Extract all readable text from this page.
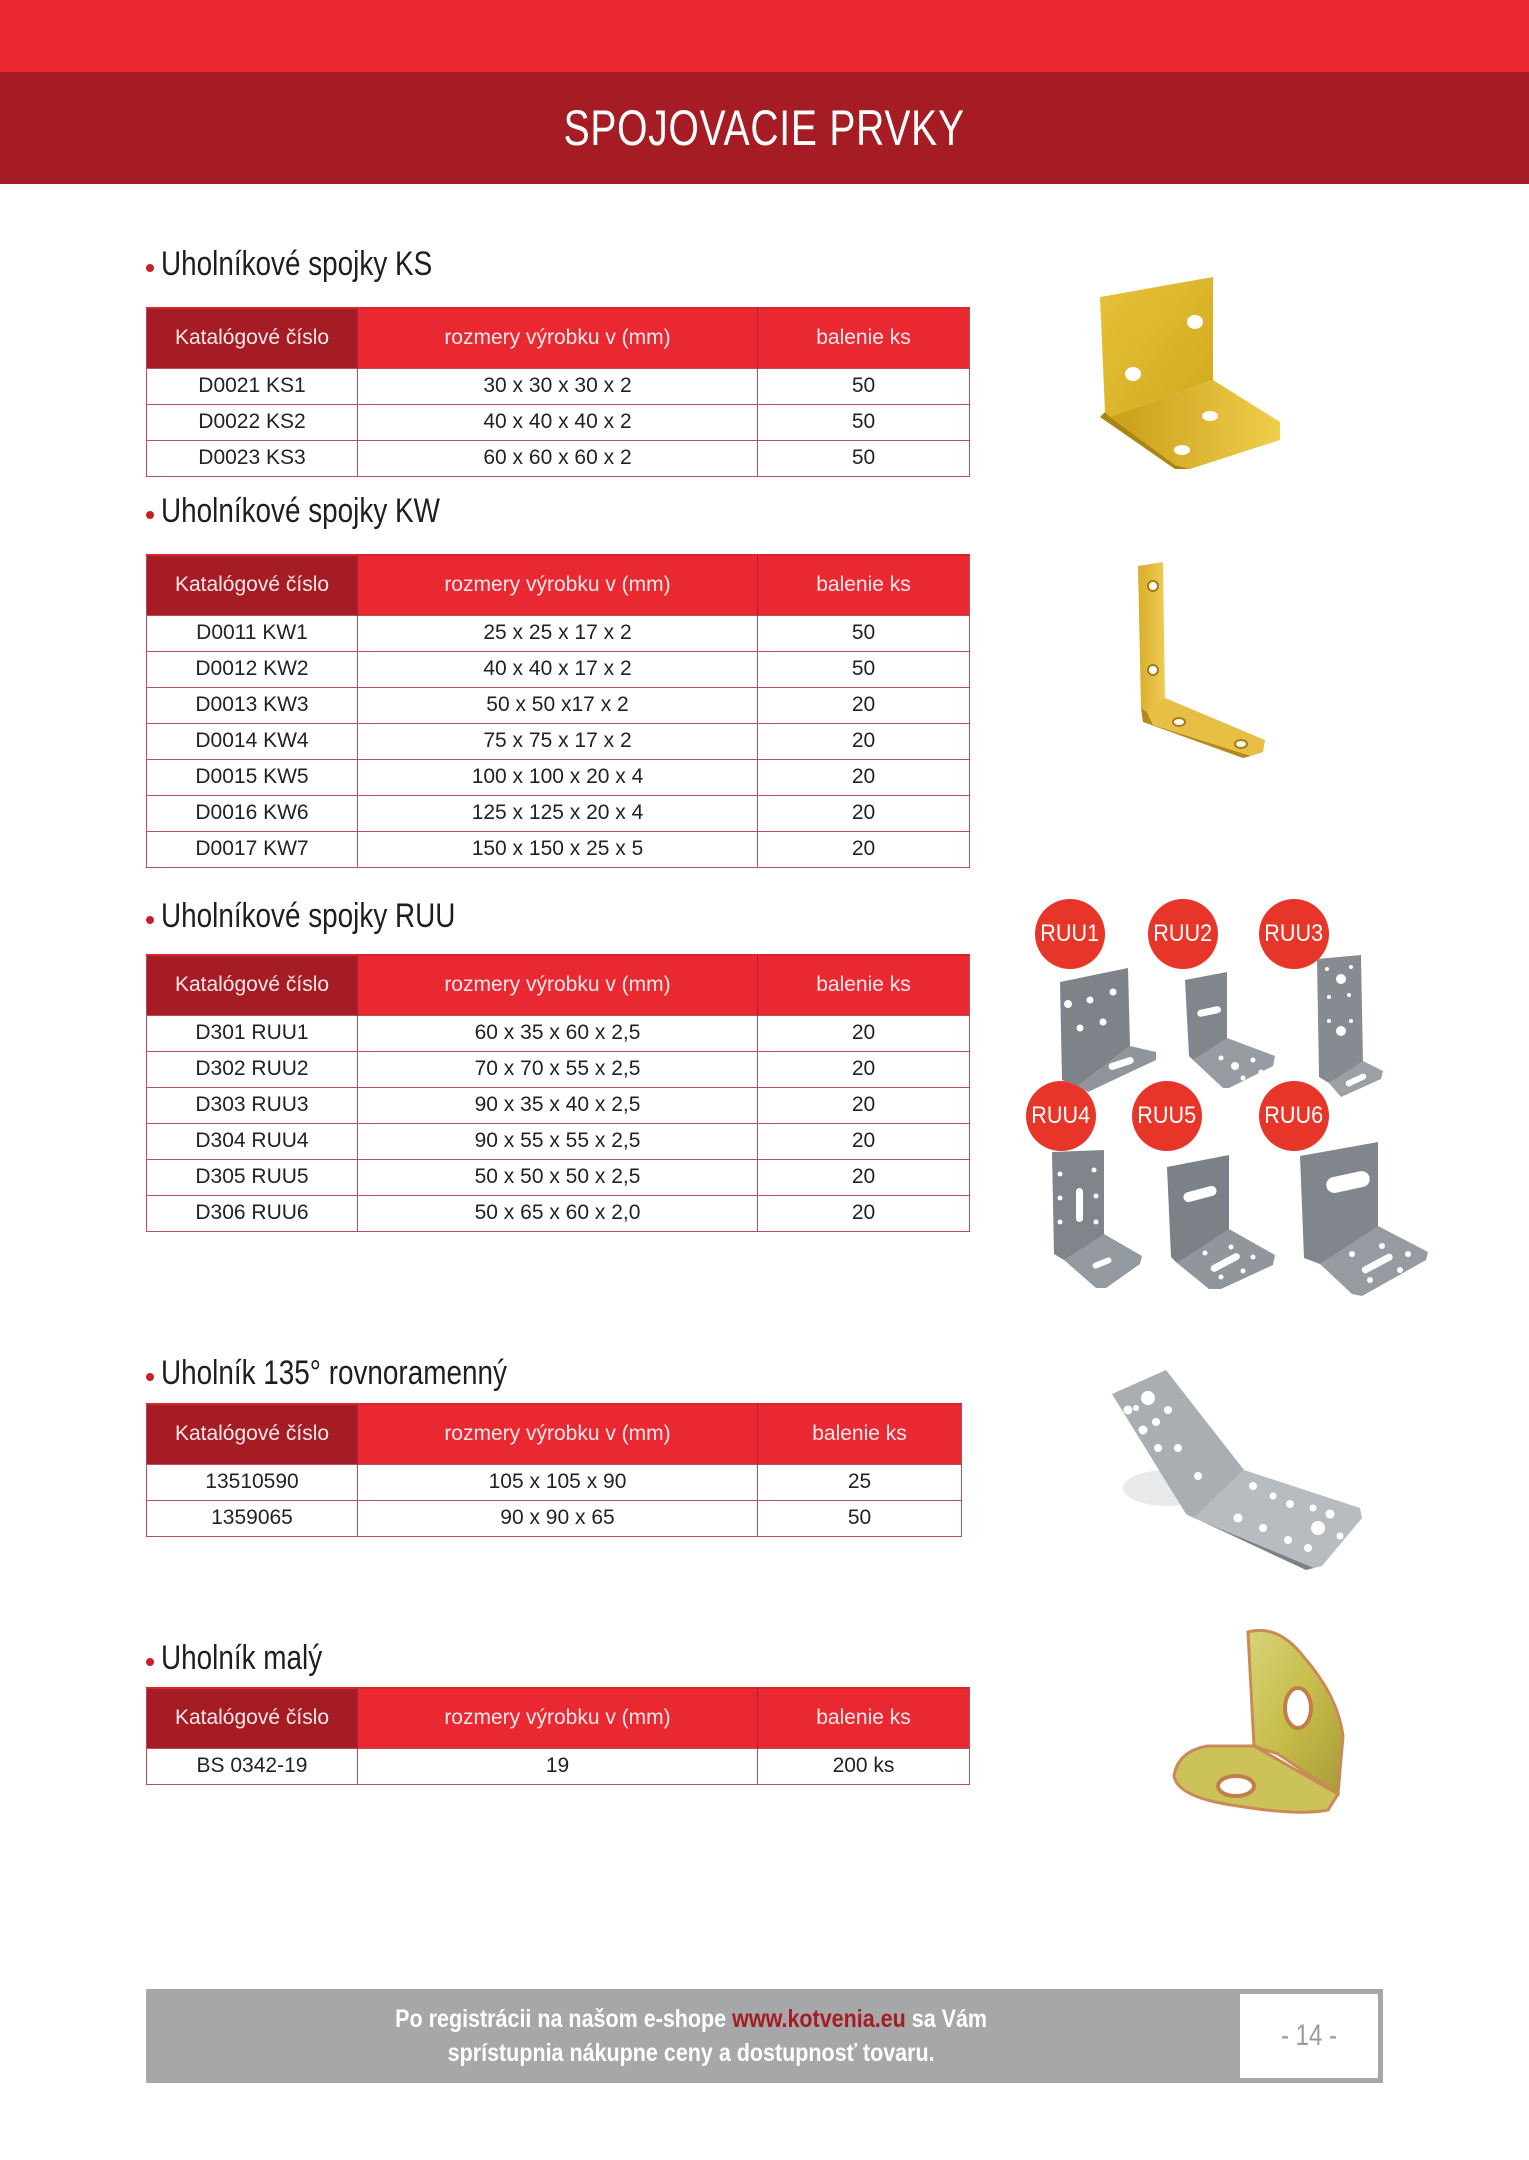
SPOJOVACIE PRVKY
Uholníkové spojky KS
Katalógové číslo	rozmery výrobku v (mm)	balenie ks
D0021 KS1	30 x 30 x 30 x 2	50
D0022 KS2	40 x 40 x 40 x 2	50
D0023 KS3	60 x 60 x 60 x 2	50
Uholníkové spojky KW
Katalógové číslo	rozmery výrobku v (mm)	balenie ks
D0011 KW1	25 x 25 x 17 x 2	50
D0012 KW2	40 x 40 x 17 x 2	50
D0013 KW3	50 x 50 x17 x 2	20
D0014 KW4	75 x 75 x 17 x 2	20
D0015 KW5	100 x 100 x 20 x 4	20
D0016 KW6	125 x 125 x 20 x 4	20
D0017 KW7	150 x 150 x 25 x 5	20
Uholníkové spojky RUU
Katalógové číslo	rozmery výrobku v (mm)	balenie ks
D301 RUU1	60 x 35 x 60 x 2,5	20
D302 RUU2	70 x 70 x 55 x 2,5	20
D303 RUU3	90 x 35 x 40 x 2,5	20
D304 RUU4	90 x 55 x 55 x 2,5	20
D305 RUU5	50 x 50 x 50 x 2,5	20
D306 RUU6	50 x 65 x 60 x 2,0	20
Uholník 135° rovnoramenný
Katalógové číslo	rozmery výrobku v (mm)	balenie ks
13510590	105 x 105 x 90	25
1359065	90 x 90 x 65	50
Uholník malý
Katalógové číslo	rozmery výrobku v (mm)	balenie ks
BS 0342-19	19	200 ks
RUU1 RUU2 RUU3
RUU4 RUU5	RUU6
Po registrácii na našom e-shope www.kotvenia.eu sa Vám
sprístupnia nákupne ceny a dostupnosť tovaru.
- 14 -
